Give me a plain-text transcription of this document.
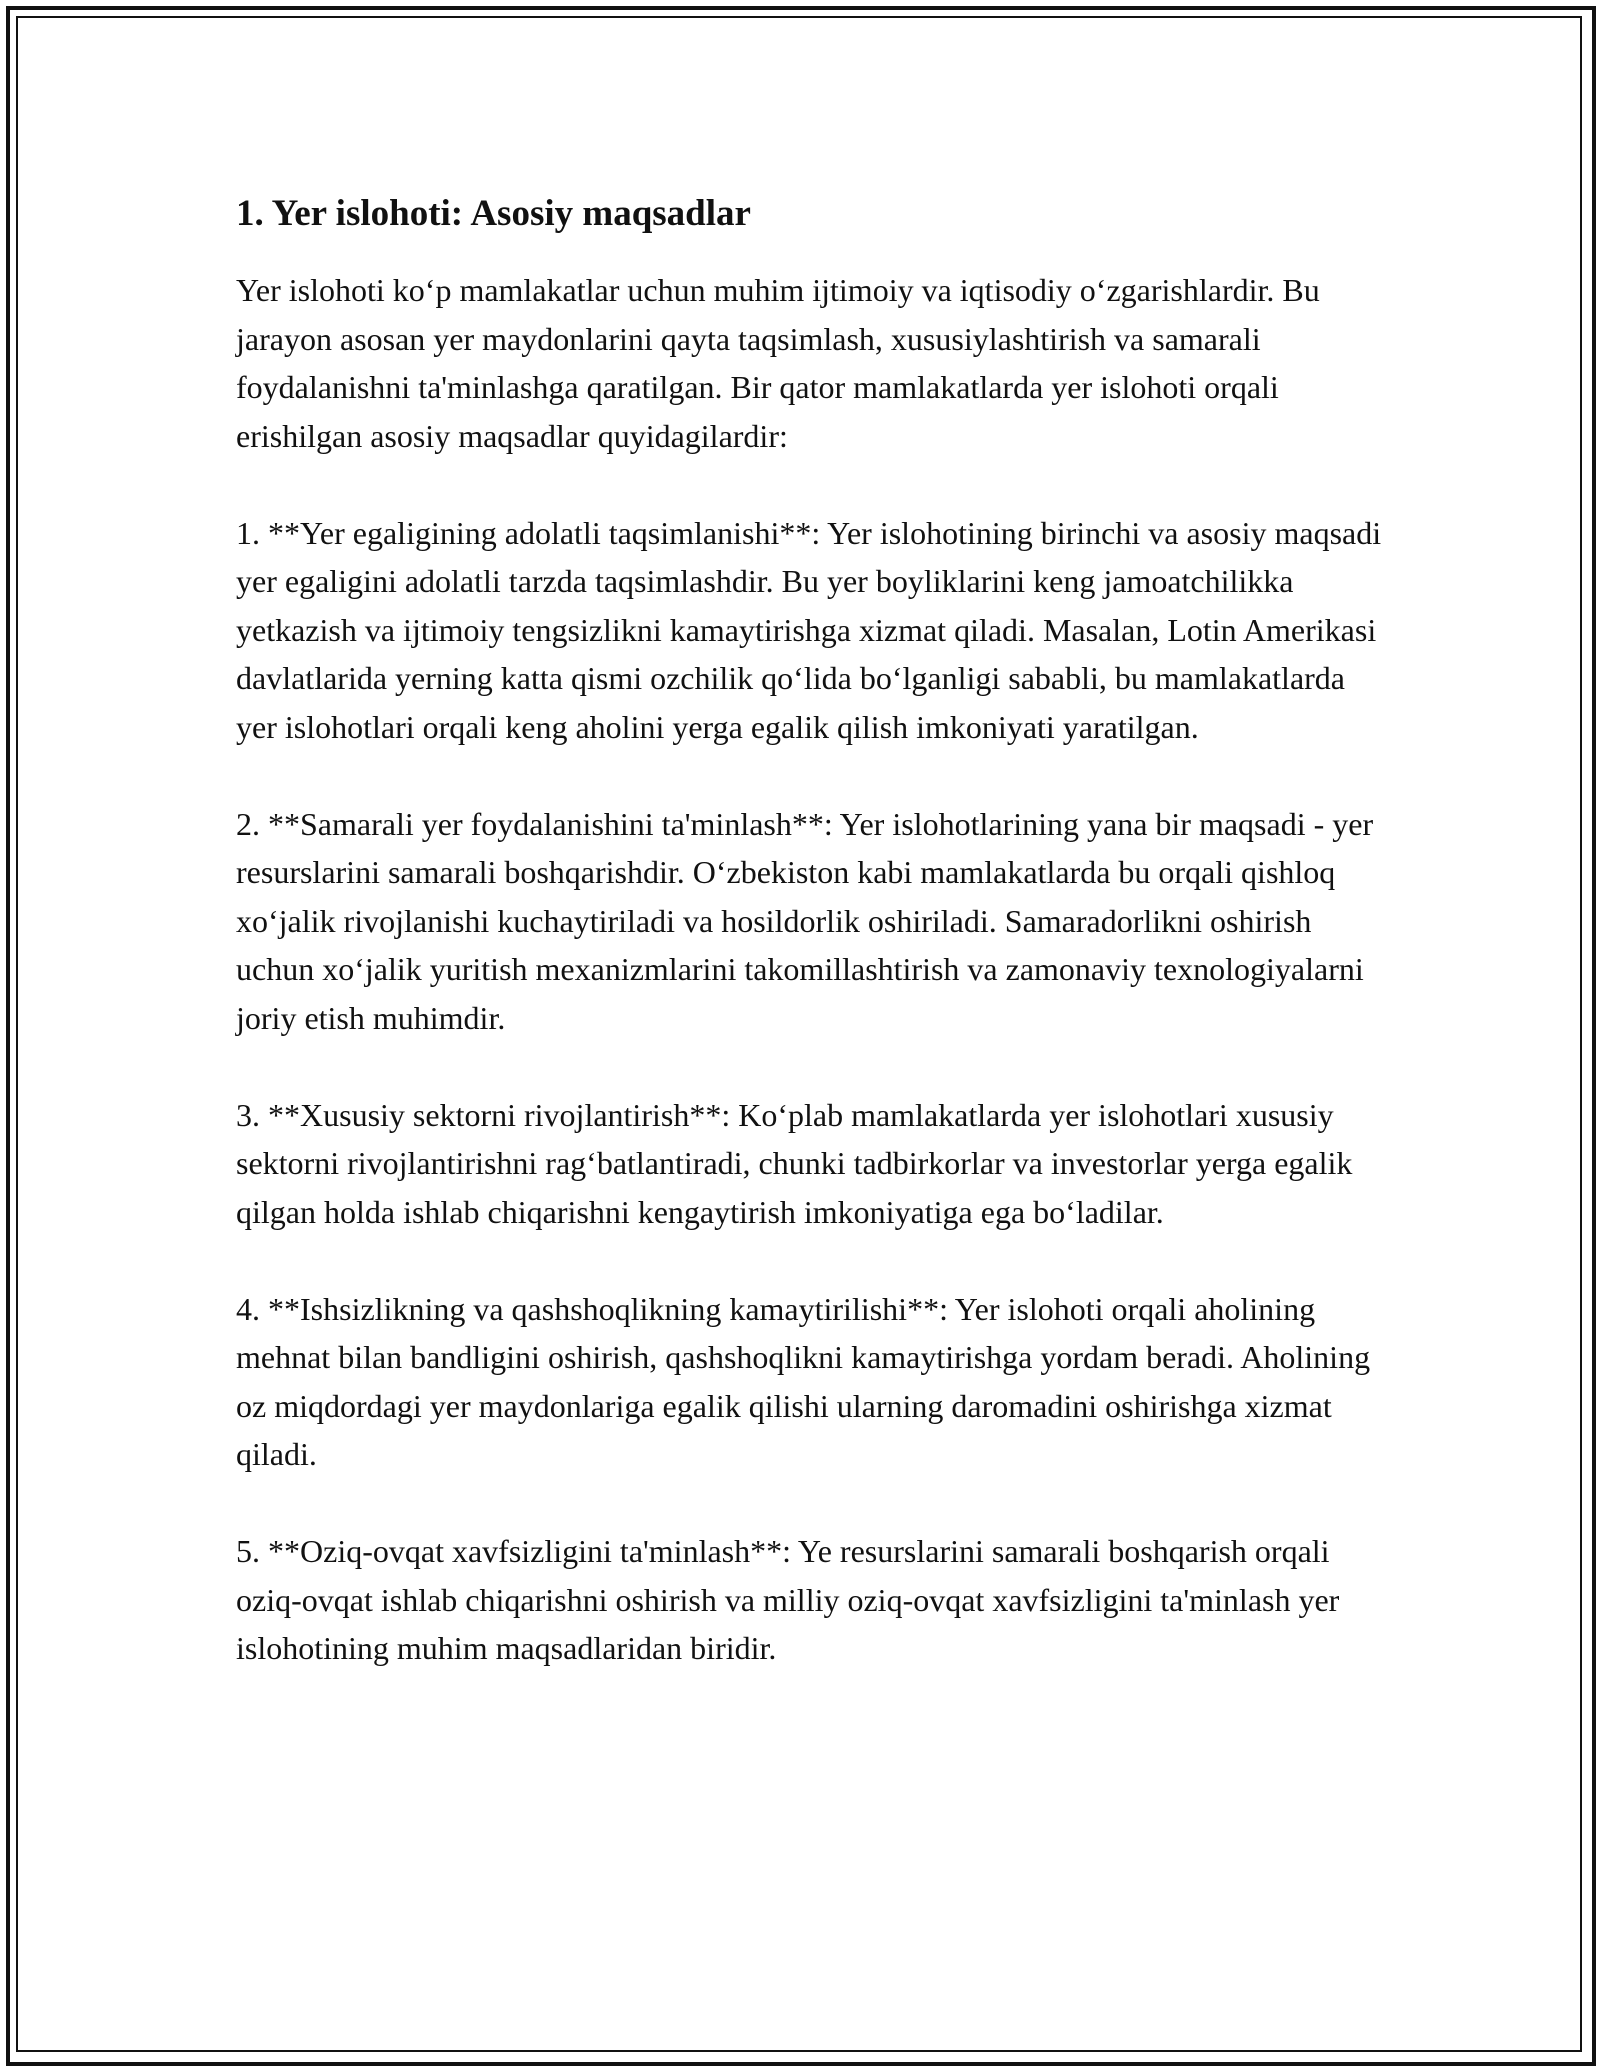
1. Yer islohoti: Asosiy maqsadlar

Yer islohoti ko‘p mamlakatlar uchun muhim ijtimoiy va iqtisodiy o‘zgarishlardir. Bu jarayon asosan yer maydonlarini qayta taqsimlash, xususiylashtirish va samarali foydalanishni ta'minlashga qaratilgan. Bir qator mamlakatlarda yer islohoti orqali erishilgan asosiy maqsadlar quyidagilardir:

1. **Yer egaligining adolatli taqsimlanishi**: Yer islohotining birinchi va asosiy maqsadi yer egaligini adolatli tarzda taqsimlashdir. Bu yer boyliklarini keng jamoatchilikka yetkazish va ijtimoiy tengsizlikni kamaytirishga xizmat qiladi. Masalan, Lotin Amerikasi davlatlarida yerning katta qismi ozchilik qo‘lida bo‘lganligi sababli, bu mamlakatlarda yer islohotlari orqali keng aholini yerga egalik qilish imkoniyati yaratilgan.

2. **Samarali yer foydalanishini ta'minlash**: Yer islohotlarining yana bir maqsadi - yer resurslarini samarali boshqarishdir. O‘zbekiston kabi mamlakatlarda bu orqali qishloq xo‘jalik rivojlanishi kuchaytiriladi va hosildorlik oshiriladi. Samaradorlikni oshirish uchun xo‘jalik yuritish mexanizmlarini takomillashtirish va zamonaviy texnologiyalarni joriy etish muhimdir.

3. **Xususiy sektorni rivojlantirish**: Ko‘plab mamlakatlarda yer islohotlari xususiy sektorni rivojlantirishni rag‘batlantiradi, chunki tadbirkorlar va investorlar yerga egalik qilgan holda ishlab chiqarishni kengaytirish imkoniyatiga ega bo‘ladilar.

4. **Ishsizlikning va qashshoqlikning kamaytirilishi**: Yer islohoti orqali aholining mehnat bilan bandligini oshirish, qashshoqlikni kamaytirishga yordam beradi. Aholining oz miqdordagi yer maydonlariga egalik qilishi ularning daromadini oshirishga xizmat qiladi.

5. **Oziq-ovqat xavfsizligini ta'minlash**: Ye resurslarini samarali boshqarish orqali oziq-ovqat ishlab chiqarishni oshirish va milliy oziq-ovqat xavfsizligini ta'minlash yer islohotining muhim maqsadlaridan biridir.
